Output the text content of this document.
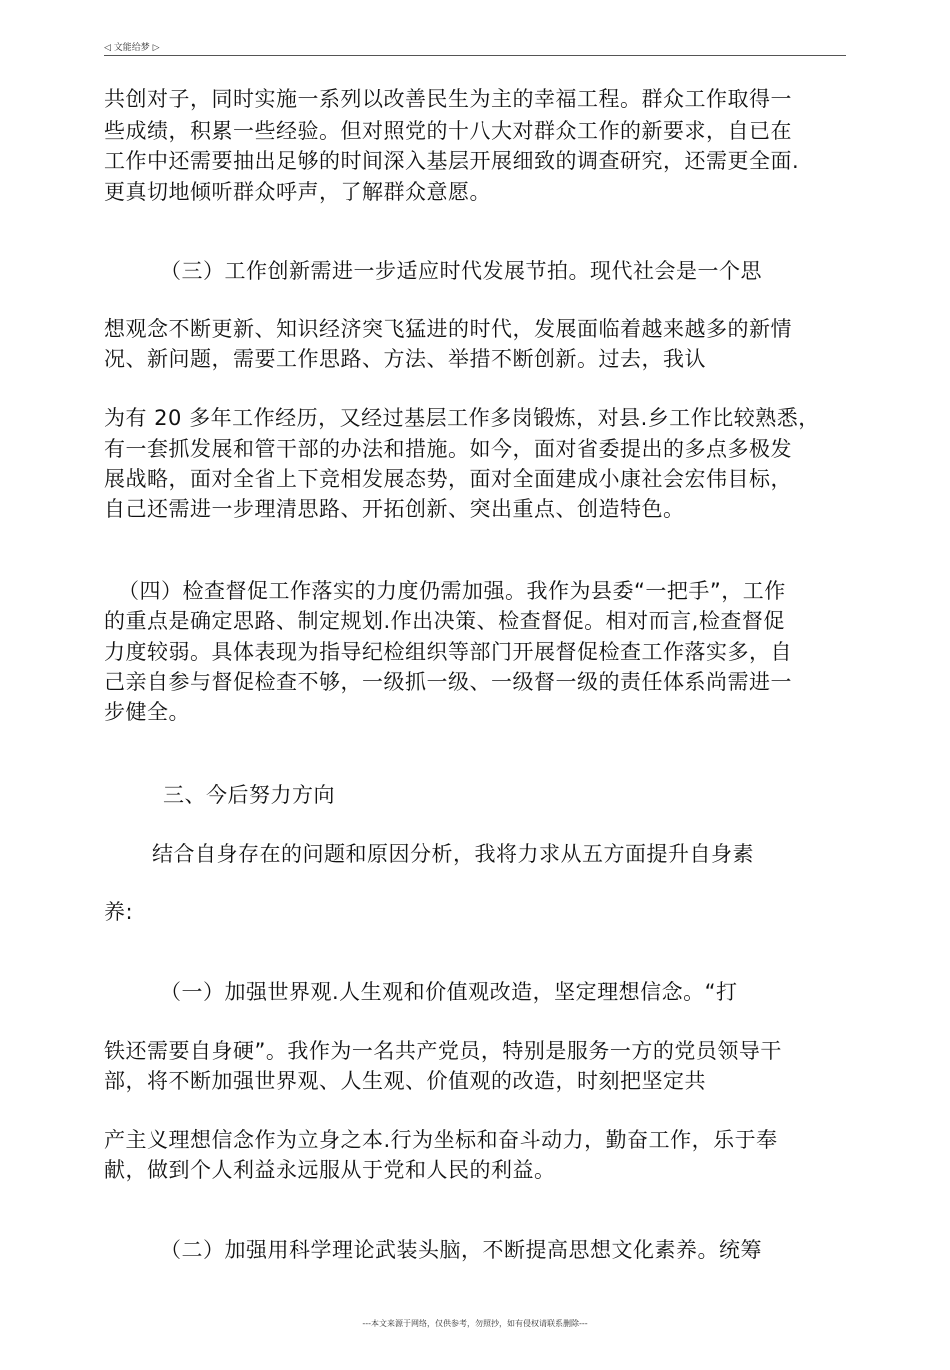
◁ 文能给梦 ▷
共创对子，同时实施一系列以改善民生为主的幸福工程。群众工作取得一
些成绩，积累一些经验。但对照党的十八大对群众工作的新要求，自已在
工作中还需要抽出足够的时间深入基层开展细致的调查研究，还需更全面.
更真切地倾听群众呼声，了解群众意愿。
（三）工作创新需进一步适应时代发展节拍。现代社会是一个思
想观念不断更新、知识经济突飞猛进的时代，发展面临着越来越多的新情
况、新问题，需要工作思路、方法、举措不断创新。过去，我认
为有 20 多年工作经历，又经过基层工作多岗锻炼，对县.乡工作比较熟悉，
有一套抓发展和管干部的办法和措施。如今，面对省委提出的多点多极发
展战略，面对全省上下竞相发展态势，面对全面建成小康社会宏伟目标，
自己还需进一步理清思路、开拓创新、突出重点、创造特色。
（四）检查督促工作落实的力度仍需加强。我作为县委“一把手”，工作
的重点是确定思路、制定规划.作出决策、检查督促。相对而言,检查督促
力度较弱。具体表现为指导纪检组织等部门开展督促检查工作落实多，自
己亲自参与督促检查不够，一级抓一级、一级督一级的责任体系尚需进一
步健全。
三、今后努力方向
结合自身存在的问题和原因分析，我将力求从五方面提升自身素
养:
（一）加强世界观.人生观和价值观改造，坚定理想信念。“打
铁还需要自身硬”。我作为一名共产党员，特别是服务一方的党员领导干
部，将不断加强世界观、人生观、价值观的改造，时刻把坚定共
产主义理想信念作为立身之本.行为坐标和奋斗动力，勤奋工作，乐于奉
献，做到个人利益永远服从于党和人民的利益。
（二）加强用科学理论武装头脑，不断提高思想文化素养。统筹
---本文来源于网络，仅供参考，勿照抄，如有侵权请联系删除---
